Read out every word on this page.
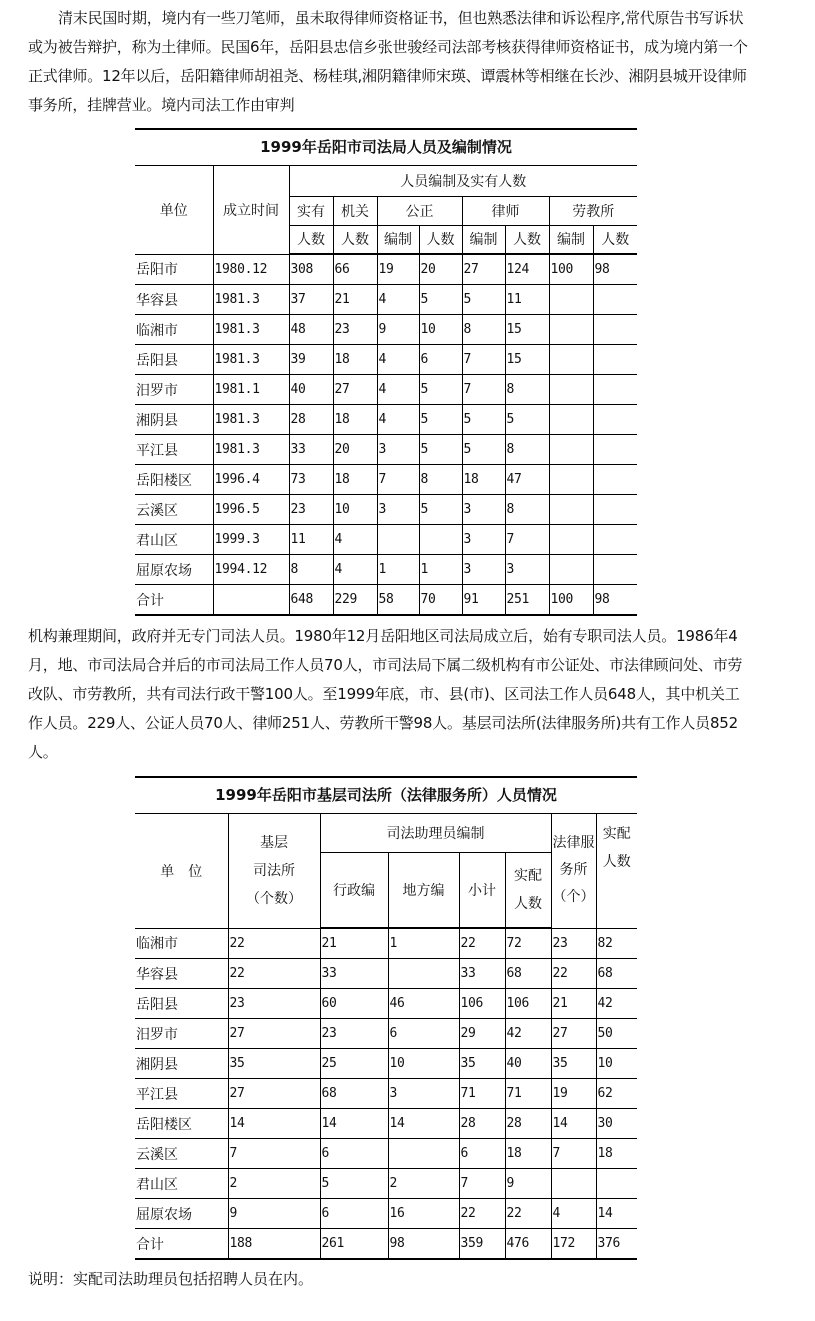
清末民国时期，境内有一些刀笔师，虽未取得律师资格证书，但也熟悉法律和诉讼程序,常代原告书写诉状或为被告辩护，称为土律师。民国6年，岳阳县忠信乡张世骏经司法部考核获得律师资格证书，成为境内第一个正式律师。12年以后，岳阳籍律师胡祖尧、杨桂琪,湘阴籍律师宋瑛、谭震林等相继在长沙、湘阴县城开设律师事务所，挂牌营业。境内司法工作由审判

1999年岳阳市司法局人员及编制情况
单位	成立时间	人员编制及实有人数							
		实有	机关	公正		律师		劳教所	
		人数	人数	编制	人数	编制	人数	编制	人数
岳阳市	1980.12	308	66	19	20	27	124	100	98
华容县	1981.3	37	21	4	5	5	11		
临湘市	1981.3	48	23	9	10	8	15		
岳阳县	1981.3	39	18	4	6	7	15		
汨罗市	1981.1	40	27	4	5	7	8		
湘阴县	1981.3	28	18	4	5	5	5		
平江县	1981.3	33	20	3	5	5	8		
岳阳楼区	1996.4	73	18	7	8	18	47		
云溪区	1996.5	23	10	3	5	3	8		
君山区	1999.3	11	4			3	7		
屈原农场	1994.12	8	4	1	1	3	3		
合计		648	229	58	70	91	251	100	98

机构兼理期间，政府并无专门司法人员。1980年12月岳阳地区司法局成立后，始有专职司法人员。1986年4月，地、市司法局合并后的市司法局工作人员70人，市司法局下属二级机构有市公证处、市法律顾问处、市劳改队、市劳教所，共有司法行政干警100人。至1999年底，市、县(市)、区司法工作人员648人，其中机关工作人员。229人、公证人员70人、律师251人、劳教所干警98人。基层司法所(法律服务所)共有工作人员852人。

1999年岳阳市基层司法所（法律服务所）人员情况
单　位	基层
司法所
（个数）	司法助理员编制				法律服务所（个）	实配人数
		行政编	地方编	小计	实配
人数		

临湘市	22	21	1	22	72	23	82
华容县	22	33		33	68	22	68
岳阳县	23	60	46	106	106	21	42
汨罗市	27	23	6	29	42	27	50
湘阴县	35	25	10	35	40	35	10
平江县	27	68	3	71	71	19	62
岳阳楼区	14	14	14	28	28	14	30
云溪区	7	6		6	18	7	18
君山区	2	5	2	7	9		
屈原农场	9	6	16	22	22	4	14
合计	188	261	98	359	476	172	376

说明：实配司法助理员包括招聘人员在内。
